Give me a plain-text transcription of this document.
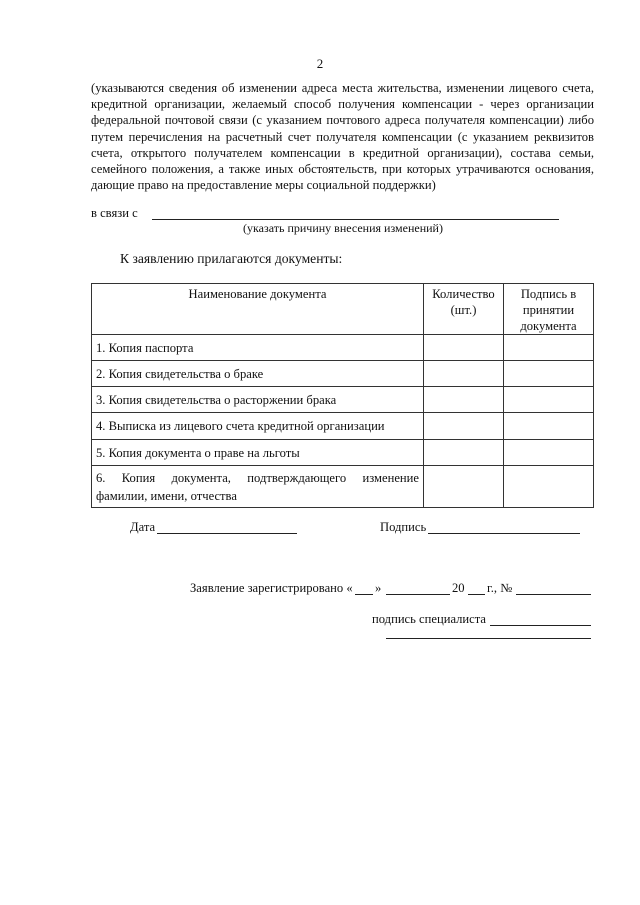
2
(указываются сведения об изменении адреса места жительства, изменении лицевого счета, кредитной организации, желаемый способ получения компенсации - через организации федеральной почтовой связи (с указанием почтового адреса получателя компенсации) либо путем перечисления на расчетный счет получателя компенсации (с указанием реквизитов счета, открытого получателем компенсации в кредитной организации), состава семьи, семейного положения, а также иных обстоятельств, при которых утрачиваются основания, дающие право на предоставление меры социальной поддержки)
в связи с
(указать причину внесения изменений)
К заявлению прилагаются документы:
Наименование документа	Количество (шт.)	Подпись в принятии документа
1. Копия паспорта		
2. Копия свидетельства о браке		
3. Копия свидетельства о расторжении брака		
4. Выписка из лицевого счета кредитной организации		
5. Копия документа о праве на льготы		
6. Копия документа, подтверждающего изменение фамилии, имени, отчества		
Дата	Подпись
Заявление зарегистрировано « »	20 г., №
подпись специалиста
